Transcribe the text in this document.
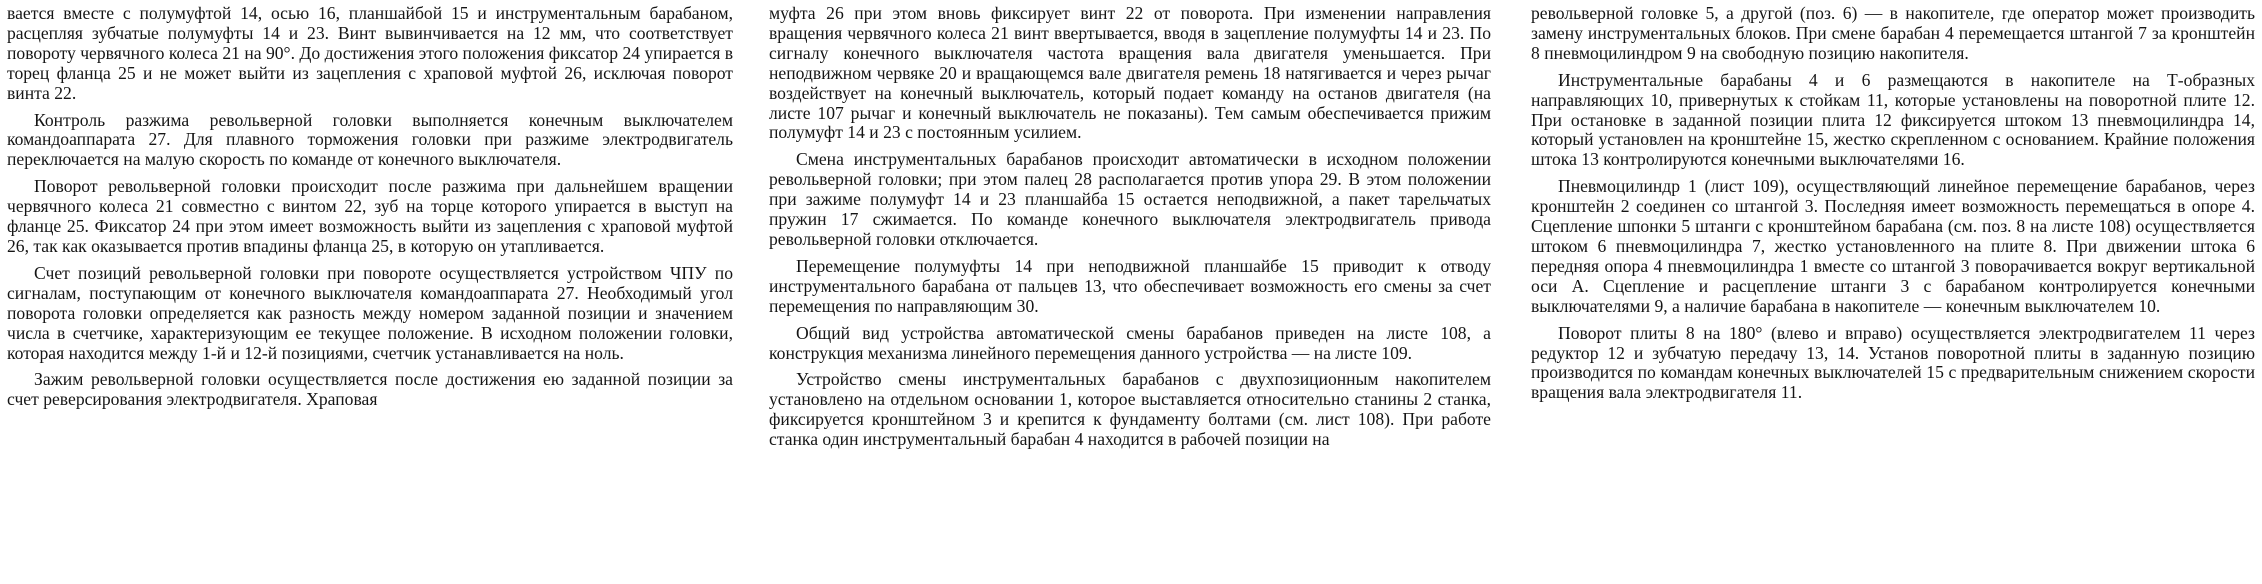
вается вместе с полумуфтой 14, осью 16, планшайбой 15 и инструментальным барабаном, расцепляя зубчатые полумуфты 14 и 23. Винт вывинчивается на 12 мм, что соответствует повороту червячного колеса 21 на 90°. До достижения этого положения фиксатор 24 упирается в торец фланца 25 и не может выйти из зацепления с храповой муфтой 26, исключая поворот винта 22.

Контроль разжима револьверной головки выполняется конечным выключателем командоаппарата 27. Для плавного торможения головки при разжиме электродвигатель переключается на малую скорость по команде от конечного выключателя.

Поворот револьверной головки происходит после разжима при дальнейшем вращении червячного колеса 21 совместно с винтом 22, зуб на торце которого упирается в выступ на фланце 25. Фиксатор 24 при этом имеет возможность выйти из зацепления с храповой муфтой 26, так как оказывается против впадины фланца 25, в которую он утапливается.

Счет позиций револьверной головки при повороте осуществляется устройством ЧПУ по сигналам, поступающим от конечного выключателя командоаппарата 27. Необходимый угол поворота головки определяется как разность между номером заданной позиции и значением числа в счетчике, характеризующим ее текущее положение. В исходном положении головки, которая находится между 1-й и 12-й позициями, счетчик устанавливается на ноль.

Зажим револьверной головки осуществляется после достижения ею заданной позиции за счет реверсирования электродвигателя. Храповая

муфта 26 при этом вновь фиксирует винт 22 от поворота. При изменении направления вращения червячного колеса 21 винт ввертывается, вводя в зацепление полумуфты 14 и 23. По сигналу конечного выключателя частота вращения вала двигателя уменьшается. При неподвижном червяке 20 и вращающемся вале двигателя ремень 18 натягивается и через рычаг воздействует на конечный выключатель, который подает команду на останов двигателя (на листе 107 рычаг и конечный выключатель не показаны). Тем самым обеспечивается прижим полумуфт 14 и 23 с постоянным усилием.

Смена инструментальных барабанов происходит автоматически в исходном положении револьверной головки; при этом палец 28 располагается против упора 29. В этом положении при зажиме полумуфт 14 и 23 планшайба 15 остается неподвижной, а пакет тарельчатых пружин 17 сжимается. По команде конечного выключателя электродвигатель привода револьверной головки отключается.

Перемещение полумуфты 14 при неподвижной планшайбе 15 приводит к отводу инструментального барабана от пальцев 13, что обеспечивает возможность его смены за счет перемещения по направляющим 30.

Общий вид устройства автоматической смены барабанов приведен на листе 108, а конструкция механизма линейного перемещения данного устройства — на листе 109.

Устройство смены инструментальных барабанов с двухпозиционным накопителем установлено на отдельном основании 1, которое выставляется относительно станины 2 станка, фиксируется кронштейном 3 и крепится к фундаменту болтами (см. лист 108). При работе станка один инструментальный барабан 4 находится в рабочей позиции на

револьверной головке 5, а другой (поз. 6) — в накопителе, где оператор может производить замену инструментальных блоков. При смене барабан 4 перемещается штангой 7 за кронштейн 8 пневмоцилиндром 9 на свободную позицию накопителя.

Инструментальные барабаны 4 и 6 размещаются в накопителе на Т-образных направляющих 10, привернутых к стойкам 11, которые установлены на поворотной плите 12. При остановке в заданной позиции плита 12 фиксируется штоком 13 пневмоцилиндра 14, который установлен на кронштейне 15, жестко скрепленном с основанием. Крайние положения штока 13 контролируются конечными выключателями 16.

Пневмоцилиндр 1 (лист 109), осуществляющий линейное перемещение барабанов, через кронштейн 2 соединен со штангой 3. Последняя имеет возможность перемещаться в опоре 4. Сцепление шпонки 5 штанги с кронштейном барабана (см. поз. 8 на листе 108) осуществляется штоком 6 пневмоцилиндра 7, жестко установленного на плите 8. При движении штока 6 передняя опора 4 пневмоцилиндра 1 вместе со штангой 3 поворачивается вокруг вертикальной оси А. Сцепление и расцепление штанги 3 с барабаном контролируется конечными выключателями 9, а наличие барабана в накопителе — конечным выключателем 10.

Поворот плиты 8 на 180° (влево и вправо) осуществляется электродвигателем 11 через редуктор 12 и зубчатую передачу 13, 14. Установ поворотной плиты в заданную позицию производится по командам конечных выключателей 15 с предварительным снижением скорости вращения вала электродвигателя 11.
